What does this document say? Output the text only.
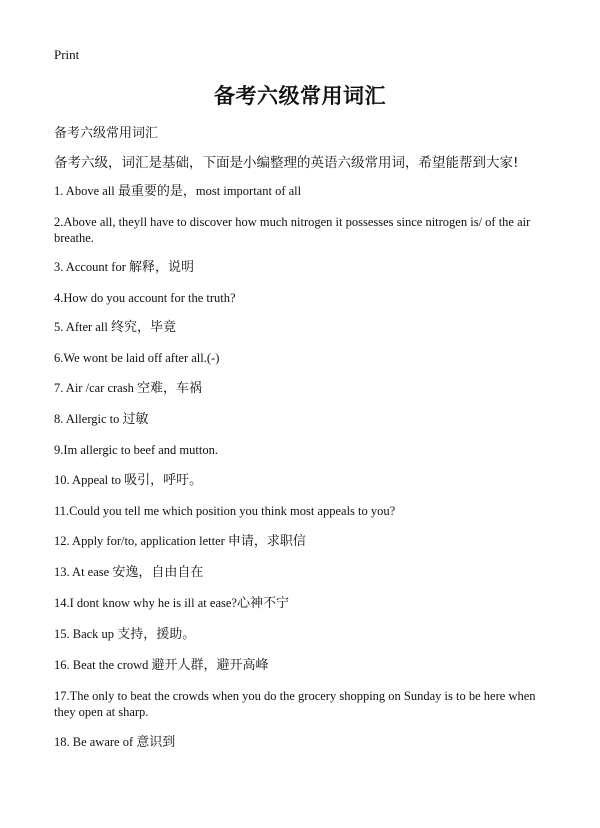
Print
备考六级常用词汇
备考六级常用词汇
备考六级，词汇是基础，下面是小编整理的英语六级常用词，希望能帮到大家!
1. Above all 最重要的是，most important of all
2.Above all, theyll have to discover how much nitrogen it possesses since nitrogen is/ of the air breathe.
3. Account for 解释，说明
4.How do you account for the truth?
5. After all 终究，毕竟
6.We wont be laid off after all.(-)
7. Air /car crash 空难，车祸
8. Allergic to 过敏
9.Im allergic to beef and mutton.
10. Appeal to 吸引，呼吁。
11.Could you tell me which position you think most appeals to you?
12. Apply for/to, application letter 申请，求职信
13. At ease 安逸，自由自在
14.I dont know why he is ill at ease?心神不宁
15. Back up 支持，援助。
16. Beat the crowd 避开人群，避开高峰
17.The only to beat the crowds when you do the grocery shopping on Sunday is to be here when they open at sharp.
18. Be aware of 意识到
